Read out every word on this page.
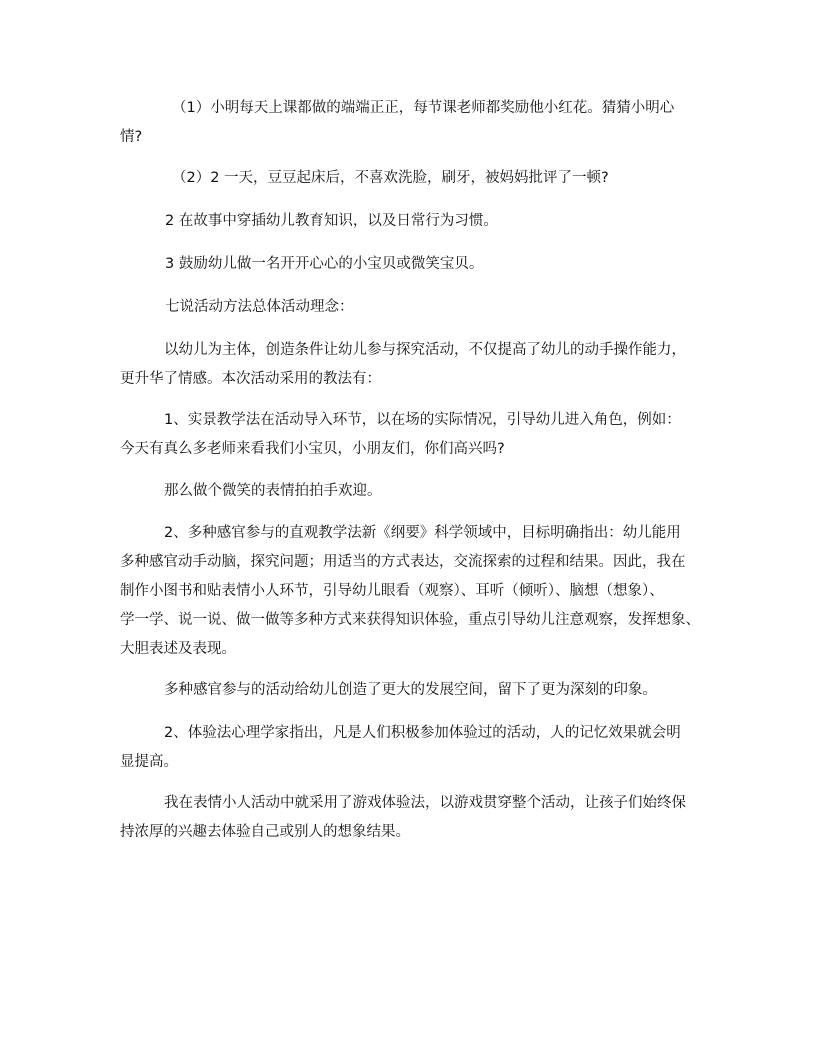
（1）小明每天上课都做的端端正正，每节课老师都奖励他小红花。猜猜小明心
情?
（2）2 一天，豆豆起床后，不喜欢洗脸，刷牙，被妈妈批评了一顿?
2 在故事中穿插幼儿教育知识，以及日常行为习惯。
3 鼓励幼儿做一名开开心心的小宝贝或微笑宝贝。
七说活动方法总体活动理念：
以幼儿为主体，创造条件让幼儿参与探究活动，不仅提高了幼儿的动手操作能力，
更升华了情感。本次活动采用的教法有：
1、实景教学法在活动导入环节，以在场的实际情况，引导幼儿进入角色，例如：
今天有真么多老师来看我们小宝贝，小朋友们，你们高兴吗?
那么做个微笑的表情拍拍手欢迎。
2、多种感官参与的直观教学法新《纲要》科学领域中，目标明确指出：幼儿能用
多种感官动手动脑，探究问题；用适当的方式表达，交流探索的过程和结果。因此，我在
制作小图书和贴表情小人环节，引导幼儿眼看（观察）、耳听（倾听）、脑想（想象）、
学一学、说一说、做一做等多种方式来获得知识体验，重点引导幼儿注意观察，发挥想象、
大胆表述及表现。
多种感官参与的活动给幼儿创造了更大的发展空间，留下了更为深刻的印象。
2、体验法心理学家指出，凡是人们积极参加体验过的活动，人的记忆效果就会明
显提高。
我在表情小人活动中就采用了游戏体验法，以游戏贯穿整个活动，让孩子们始终保
持浓厚的兴趣去体验自己或别人的想象结果。
